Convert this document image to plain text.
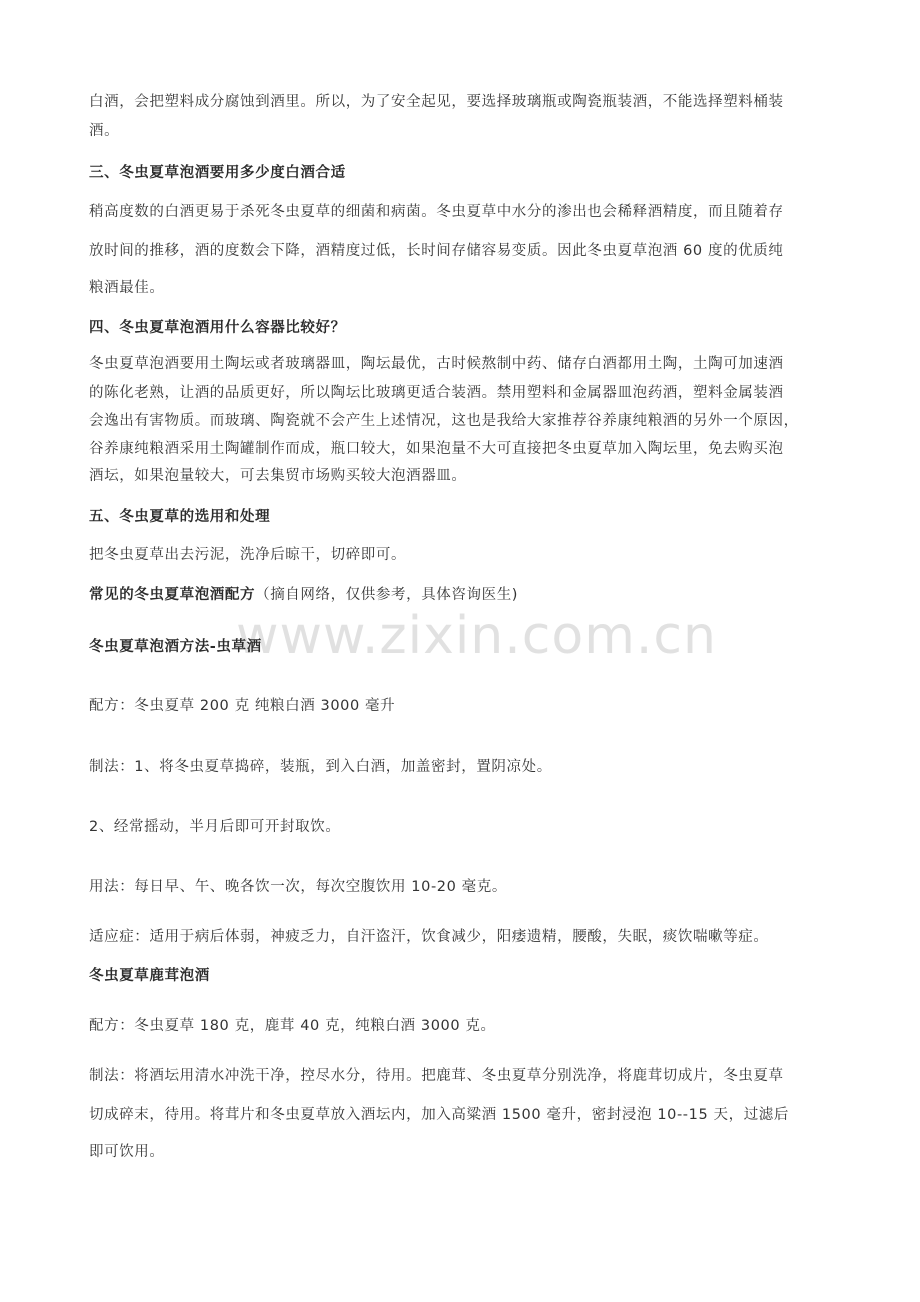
www.zixin.com.cn
白酒，会把塑料成分腐蚀到酒里。所以，为了安全起见，要选择玻璃瓶或陶瓷瓶装酒，不能选择塑料桶装
酒。
三、冬虫夏草泡酒要用多少度白酒合适
稍高度数的白酒更易于杀死冬虫夏草的细菌和病菌。冬虫夏草中水分的渗出也会稀释酒精度，而且随着存
放时间的推移，酒的度数会下降，酒精度过低，长时间存储容易变质。因此冬虫夏草泡酒 60 度的优质纯
粮酒最佳。
四、冬虫夏草泡酒用什么容器比较好？
冬虫夏草泡酒要用土陶坛或者玻璃器皿，陶坛最优，古时候熬制中药、储存白酒都用土陶，土陶可加速酒
的陈化老熟，让酒的品质更好，所以陶坛比玻璃更适合装酒。禁用塑料和金属器皿泡药酒，塑料金属装酒
会逸出有害物质。而玻璃、陶瓷就不会产生上述情况，这也是我给大家推荐谷养康纯粮酒的另外一个原因，
谷养康纯粮酒采用土陶罐制作而成，瓶口较大，如果泡量不大可直接把冬虫夏草加入陶坛里，免去购买泡
酒坛，如果泡量较大，可去集贸市场购买较大泡酒器皿。
五、冬虫夏草的选用和处理
把冬虫夏草出去污泥，洗净后晾干，切碎即可。
常见的冬虫夏草泡酒配方（摘自网络，仅供参考，具体咨询医生)
冬虫夏草泡酒方法-虫草酒
配方：冬虫夏草 200 克 纯粮白酒 3000 毫升
制法：1、将冬虫夏草捣碎，装瓶，到入白酒，加盖密封，置阴凉处。
2、经常摇动，半月后即可开封取饮。
用法：每日早、午、晚各饮一次，每次空腹饮用 10-20 毫克。
适应症：适用于病后体弱，神疲乏力，自汗盗汗，饮食减少，阳痿遗精，腰酸，失眠，痰饮喘嗽等症。
冬虫夏草鹿茸泡酒
配方：冬虫夏草 180 克，鹿茸 40 克，纯粮白酒 3000 克。
制法：将酒坛用清水冲洗干净，控尽水分，待用。把鹿茸、冬虫夏草分别洗净，将鹿茸切成片，冬虫夏草
切成碎末，待用。将茸片和冬虫夏草放入酒坛内，加入高粱酒 1500 毫升，密封浸泡 10--15 天，过滤后
即可饮用。
